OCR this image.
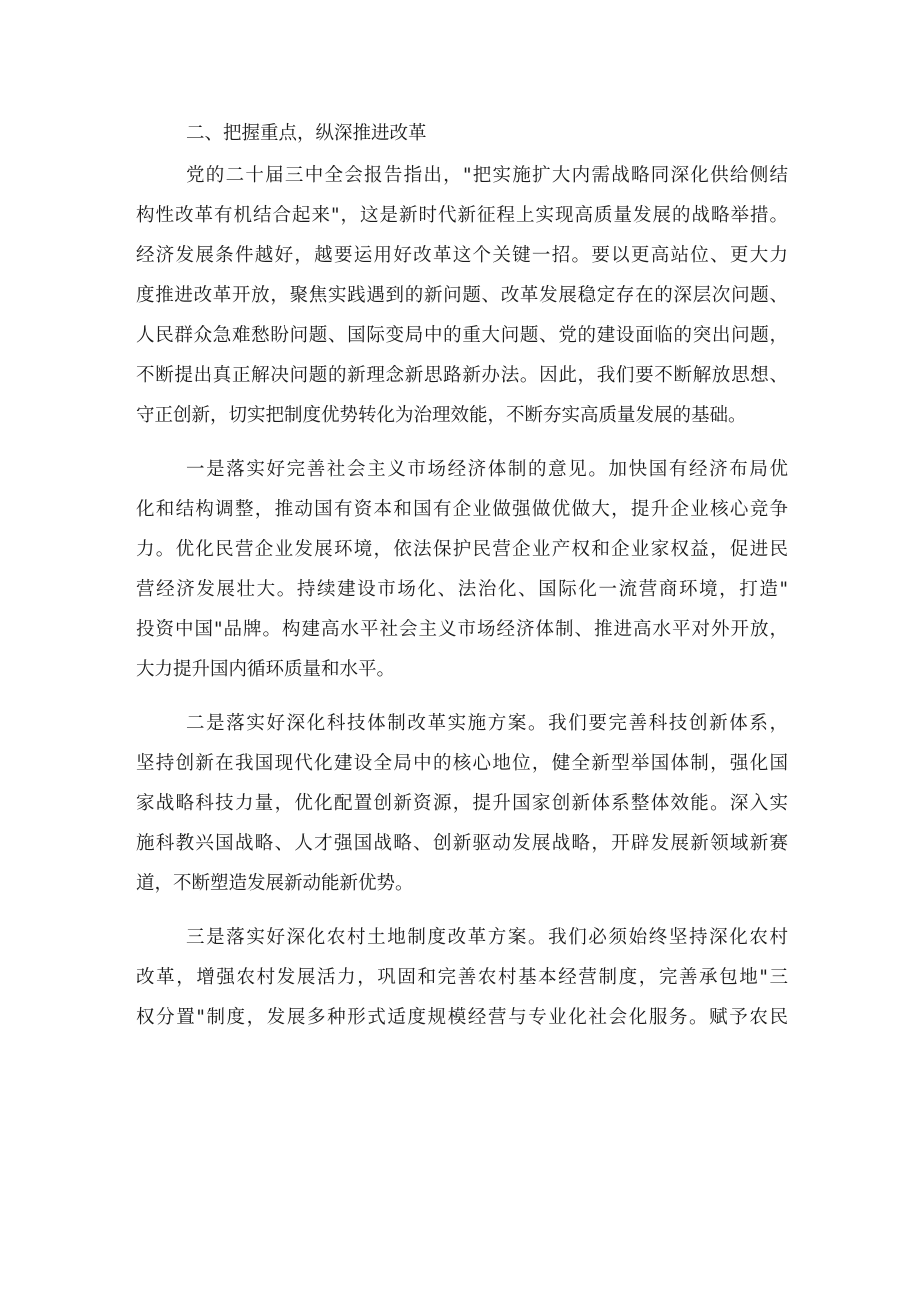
二、把握重点，纵深推进改革
党的二十届三中全会报告指出，"把实施扩大内需战略同深化供给侧结
构性改革有机结合起来"，这是新时代新征程上实现高质量发展的战略举措。
经济发展条件越好，越要运用好改革这个关键一招。要以更高站位、更大力
度推进改革开放，聚焦实践遇到的新问题、改革发展稳定存在的深层次问题、
人民群众急难愁盼问题、国际变局中的重大问题、党的建设面临的突出问题，
不断提出真正解决问题的新理念新思路新办法。因此，我们要不断解放思想、
守正创新，切实把制度优势转化为治理效能，不断夯实高质量发展的基础。
一是落实好完善社会主义市场经济体制的意见。加快国有经济布局优
化和结构调整，推动国有资本和国有企业做强做优做大，提升企业核心竞争
力。优化民营企业发展环境，依法保护民营企业产权和企业家权益，促进民
营经济发展壮大。持续建设市场化、法治化、国际化一流营商环境，打造"
投资中国"品牌。构建高水平社会主义市场经济体制、推进高水平对外开放，
大力提升国内循环质量和水平。
二是落实好深化科技体制改革实施方案。我们要完善科技创新体系，
坚持创新在我国现代化建设全局中的核心地位，健全新型举国体制，强化国
家战略科技力量，优化配置创新资源，提升国家创新体系整体效能。深入实
施科教兴国战略、人才强国战略、创新驱动发展战略，开辟发展新领域新赛
道，不断塑造发展新动能新优势。
三是落实好深化农村土地制度改革方案。我们必须始终坚持深化农村
改革，增强农村发展活力，巩固和完善农村基本经营制度，完善承包地"三
权分置"制度，发展多种形式适度规模经营与专业化社会化服务。赋予农民
